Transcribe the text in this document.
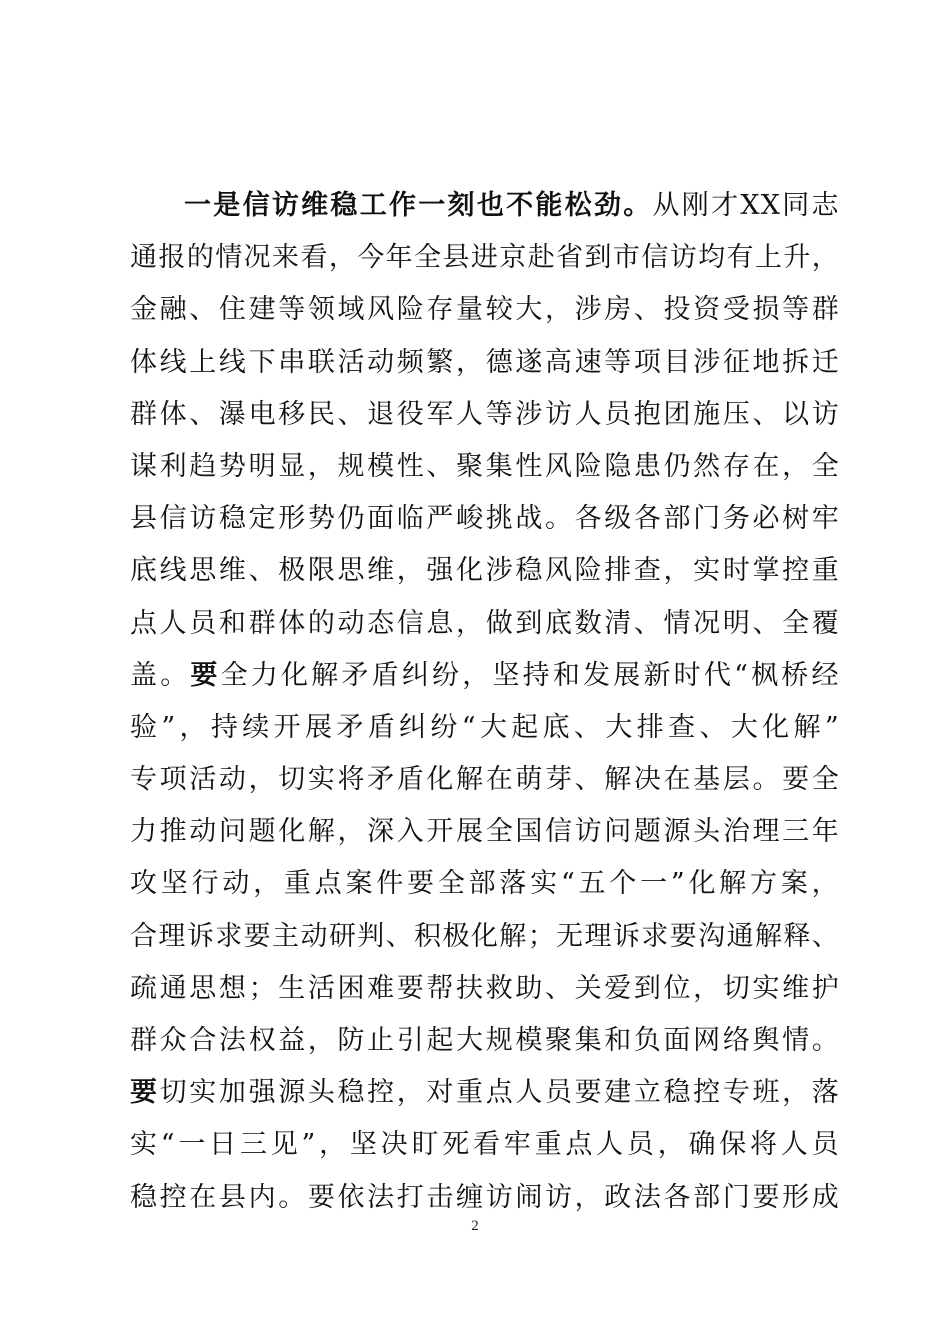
一 是 信 访 维 稳 工 作 一 刻 也 不 能 松 劲 。 从 刚 才 XX 同 志
通 报 的 情 况 来 看 ， 今 年 全 县 进 京 赴 省 到 市 信 访 均 有 上 升 ，
金 融 、 住 建 等 领 域 风 险 存 量 较 大 ， 涉 房 、 投 资 受 损 等 群
体 线 上 线 下 串 联 活 动 频 繁 ， 德 遂 高 速 等 项 目 涉 征 地 拆 迁
群 体 、 瀑 电 移 民 、 退 役 军 人 等 涉 访 人 员 抱 团 施 压 、 以 访
谋 利 趋 势 明 显 ， 规 模 性 、 聚 集 性 风 险 隐 患 仍 然 存 在 ， 全
县 信 访 稳 定 形 势 仍 面 临 严 峻 挑 战 。 各 级 各 部 门 务 必 树 牢
底 线 思 维 、 极 限 思 维 ， 强 化 涉 稳 风 险 排 查 ， 实 时 掌 控 重
点 人 员 和 群 体 的 动 态 信 息 ， 做 到 底 数 清 、 情 况 明 、 全 覆
盖 。 要 全 力 化 解 矛 盾 纠 纷 ， 坚 持 和 发 展 新 时 代 “ 枫 桥 经
验 ” ， 持 续 开 展 矛 盾 纠 纷 “ 大 起 底 、 大 排 查 、 大 化 解 ”
专 项 活 动 ， 切 实 将 矛 盾 化 解 在 萌 芽 、 解 决 在 基 层 。 要 全
力 推 动 问 题 化 解 ， 深 入 开 展 全 国 信 访 问 题 源 头 治 理 三 年
攻 坚 行 动 ， 重 点 案 件 要 全 部 落 实 “ 五 个 一 ” 化 解 方 案 ，
合 理 诉 求 要 主 动 研 判 、 积 极 化 解 ； 无 理 诉 求 要 沟 通 解 释 、
疏 通 思 想 ； 生 活 困 难 要 帮 扶 救 助 、 关 爱 到 位 ， 切 实 维 护
群 众 合 法 权 益 ， 防 止 引 起 大 规 模 聚 集 和 负 面 网 络 舆 情 。
要 切 实 加 强 源 头 稳 控 ， 对 重 点 人 员 要 建 立 稳 控 专 班 ， 落
实 “ 一 日 三 见 ” ， 坚 决 盯 死 看 牢 重 点 人 员 ， 确 保 将 人 员
稳 控 在 县 内 。 要 依 法 打 击 缠 访 闹 访 ， 政 法 各 部 门 要 形 成
2
